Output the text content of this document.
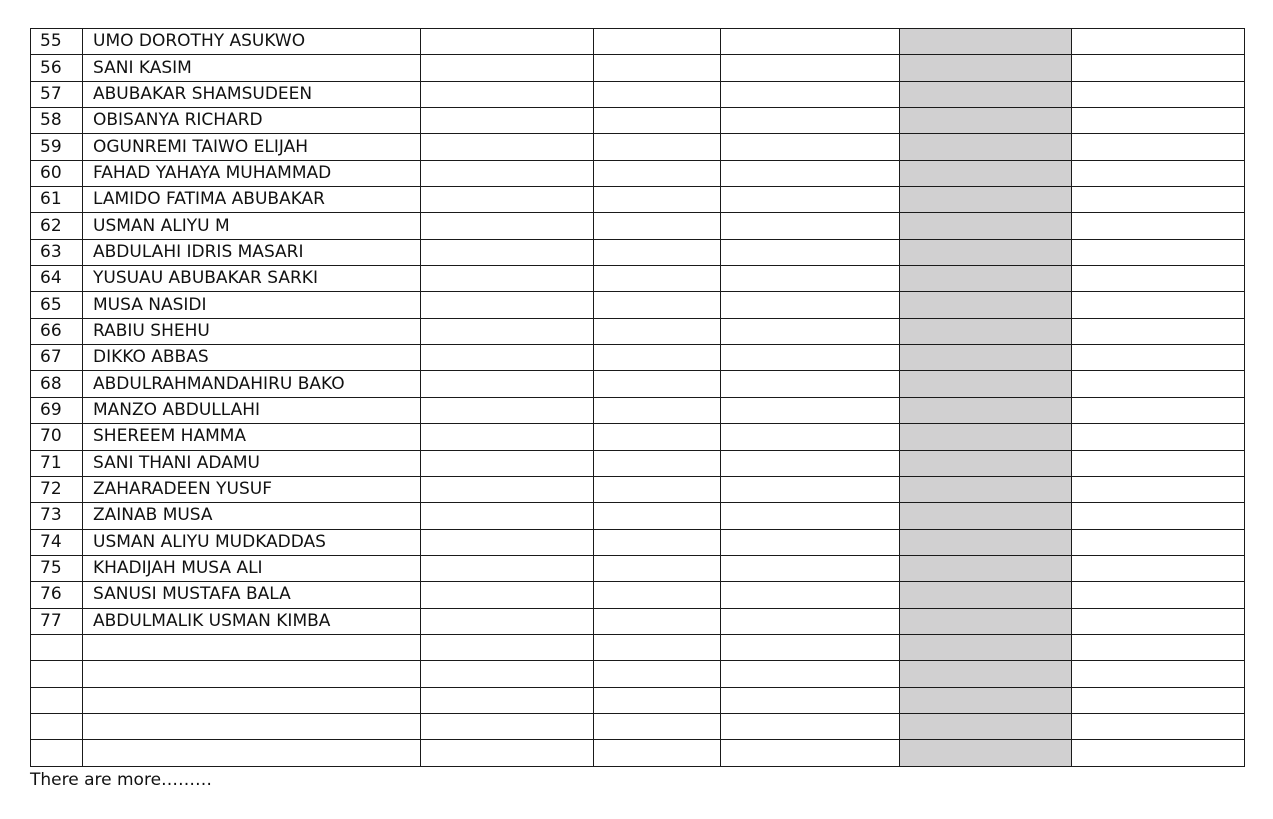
55	UMO DOROTHY ASUKWO					
56	SANI KASIM					
57	ABUBAKAR SHAMSUDEEN					
58	OBISANYA RICHARD					
59	OGUNREMI TAIWO ELIJAH					
60	FAHAD YAHAYA MUHAMMAD					
61	LAMIDO FATIMA ABUBAKAR					
62	USMAN ALIYU M					
63	ABDULAHI IDRIS MASARI					
64	YUSUAU ABUBAKAR SARKI					
65	MUSA NASIDI					
66	RABIU SHEHU					
67	DIKKO ABBAS					
68	ABDULRAHMANDAHIRU BAKO					
69	MANZO ABDULLAHI					
70	SHEREEM HAMMA					
71	SANI THANI ADAMU					
72	ZAHARADEEN YUSUF					
73	ZAINAB MUSA					
74	USMAN ALIYU MUDKADDAS					
75	KHADIJAH MUSA ALI					
76	SANUSI MUSTAFA BALA					
77	ABDULMALIK USMAN KIMBA					

There are more………
